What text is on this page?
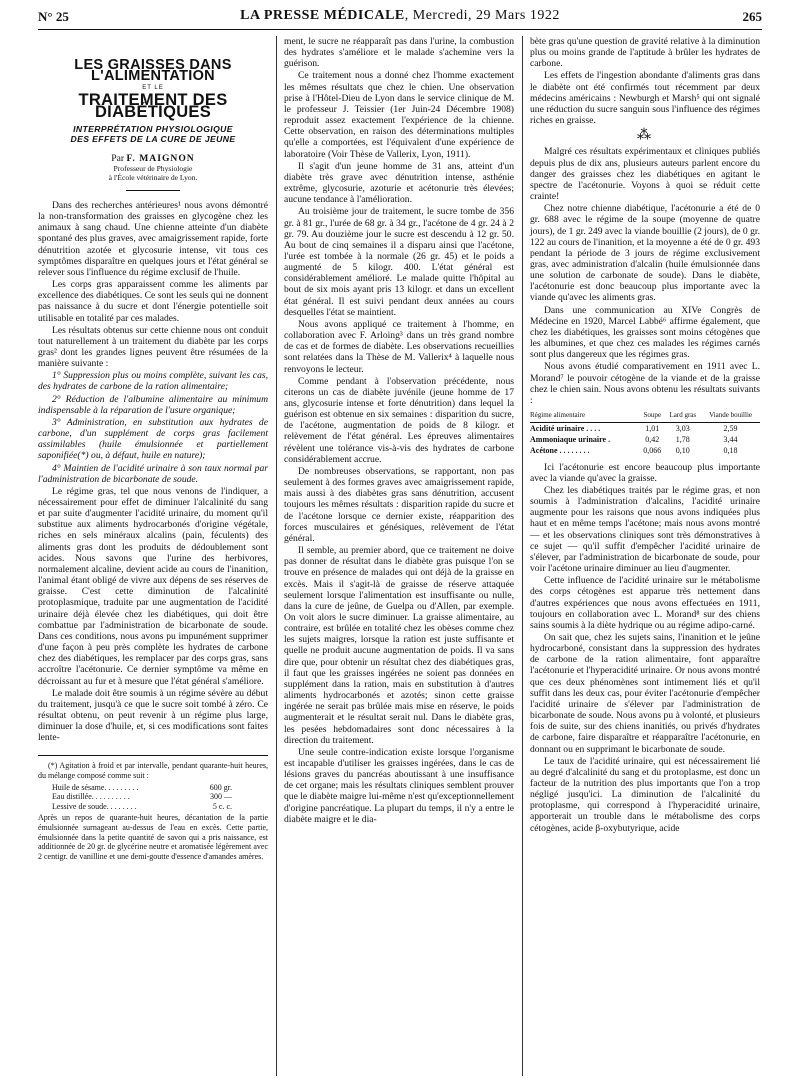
N° 25	LA PRESSE MÉDICALE, Mercredi, 29 Mars 1922	265
LES GRAISSES DANS L'ALIMENTATION
ET LE
TRAITEMENT DES DIABÉTIQUES
INTERPRÉTATION PHYSIOLOGIQUE
DES EFFETS DE LA CURE DE JEUNE
Par F. MAIGNON
Professeur de Physiologie
à l'École vétérinaire de Lyon.

Dans des recherches antérieures¹ nous avons démontré la non-transformation des graisses en glycogène chez les animaux à sang chaud. Une chienne atteinte d'un diabète spontané des plus graves, avec amaigrissement rapide, forte dénutrition azotée et glycosurie intense, vit tous ces symptômes disparaître en quelques jours et l'état général se relever sous l'influence du régime exclusif de l'huile.

Les corps gras apparaissent comme les aliments par excellence des diabétiques. Ce sont les seuls qui ne donnent pas naissance à du sucre et dont l'énergie potentielle soit utilisable en totalité par ces malades.

Les résultats obtenus sur cette chienne nous ont conduit tout naturellement à un traitement du diabète par les corps gras² dont les grandes lignes peuvent être résumées de la manière suivante :

1° Suppression plus ou moins complète, suivant les cas, des hydrates de carbone de la ration alimentaire;

2° Réduction de l'albumine alimentaire au minimum indispensable à la réparation de l'usure organique;

3° Administration, en substitution aux hydrates de carbone, d'un supplément de corps gras facilement assimilables (huile émulsionnée et partiellement saponifiée(*) ou, à défaut, huile en nature);

4° Maintien de l'acidité urinaire à son taux normal par l'administration de bicarbonate de soude.

Le régime gras, tel que nous venons de l'indiquer, a nécessairement pour effet de diminuer l'alcalinité du sang et par suite d'augmenter l'acidité urinaire, du moment qu'il substitue aux aliments hydrocarbonés d'origine végétale, riches en sels minéraux alcalins (pain, féculents) des aliments gras dont les produits de dédoublement sont acides. Nous savons que l'urine des herbivores, normalement alcaline, devient acide au cours de l'inanition, l'animal étant obligé de vivre aux dépens de ses réserves de graisse. C'est cette diminution de l'alcalinité protoplasmique, traduite par une augmentation de l'acidité urinaire déjà élevée chez les diabétiques, qui doit être combattue par l'administration de bicarbonate de soude. Dans ces conditions, nous avons pu impunément supprimer d'une façon à peu près complète les hydrates de carbone chez des diabétiques, les remplacer par des corps gras, sans accroître l'acétonurie. Ce dernier symptôme va même en décroissant au fur et à mesure que l'état général s'améliore.

Le malade doit être soumis à un régime sévère au début du traitement, jusqu'à ce que le sucre soit tombé à zéro. Ce résultat obtenu, on peut revenir à un régime plus large, diminuer la dose d'huile, et, si ces modifications sont faites lente-

(*) Agitation à froid et par intervalle, pendant quarante-huit heures, du mélange composé comme suit :

Huile de sésame. . . . . . . . .	600 gr.
Eau distillée. . . . . . . . . .	300 —
Lessive de soude. . . . . . . .	5 c. c.

Après un repos de quarante-huit heures, décantation de la partie émulsionnée surnageant au-dessus de l'eau en excès. Cette partie, émulsionnée dans la petite quantité de savon qui a pris naissance, est additionnée de 20 gr. de glycérine neutre et aromatisée légèrement avec 2 centigr. de vanilline et une demi-goutte d'essence d'amandes amères.

ment, le sucre ne réapparaît pas dans l'urine, la combustion des hydrates s'améliore et le malade s'achemine vers la guérison.

Ce traitement nous a donné chez l'homme exactement les mêmes résultats que chez le chien. Une observation prise à l'Hôtel-Dieu de Lyon dans le service clinique de M. le professeur J. Teissier (1er Juin-24 Décembre 1908) reproduit assez exactement l'expérience de la chienne. Cette observation, en raison des déterminations multiples qu'elle a comportées, est l'équivalent d'une expérience de laboratoire (Voir Thèse de Vallerix, Lyon, 1911).

Il s'agit d'un jeune homme de 31 ans, atteint d'un diabète très grave avec dénutrition intense, asthénie extrême, glycosurie, azoturie et acétonurie très élevées; aucune tendance à l'amélioration.

Au troisième jour de traitement, le sucre tombe de 356 gr. à 81 gr., l'urée de 68 gr. à 34 gr., l'acétone de 4 gr. 24 à 2 gr. 79. Au douzième jour le sucre est descendu à 12 gr. 50. Au bout de cinq semaines il a disparu ainsi que l'acétone, l'urée est tombée à la normale (26 gr. 45) et le poids a augmenté de 5 kilogr. 400. L'état général est considérablement amélioré. Le malade quitte l'hôpital au bout de six mois ayant pris 13 kilogr. et dans un excellent état général. Il est suivi pendant deux années au cours desquelles l'état se maintient.

Nous avons appliqué ce traitement à l'homme, en collaboration avec F. Arloing³ dans un très grand nombre de cas et de formes de diabète. Les observations recueillies sont relatées dans la Thèse de M. Vallerix⁴ à laquelle nous renvoyons le lecteur.

Comme pendant à l'observation précédente, nous citerons un cas de diabète juvénile (jeune homme de 17 ans, glycosurie intense et forte dénutrition) dans lequel la guérison est obtenue en six semaines : disparition du sucre, de l'acétone, augmentation de poids de 8 kilogr. et relèvement de l'état général. Les épreuves alimentaires révèlent une tolérance vis-à-vis des hydrates de carbone considérablement accrue.

De nombreuses observations, se rapportant, non pas seulement à des formes graves avec amaigrissement rapide, mais aussi à des diabètes gras sans dénutrition, accusent toujours les mêmes résultats : disparition rapide du sucre et de l'acétone lorsque ce dernier existe, réapparition des forces musculaires et génésiques, relèvement de l'état général.

Il semble, au premier abord, que ce traitement ne doive pas donner de résultat dans le diabète gras puisque l'on se trouve en présence de malades qui ont déjà de la graisse en excès. Mais il s'agit-là de graisse de réserve attaquée seulement lorsque l'alimentation est insuffisante ou nulle, dans la cure de jeûne, de Guelpa ou d'Allen, par exemple. On voit alors le sucre diminuer. La graisse alimentaire, au contraire, est brûlée en totalité chez les obèses comme chez les sujets maigres, lorsque la ration est juste suffisante et quelle ne produit aucune augmentation de poids. Il va sans dire que, pour obtenir un résultat chez des diabétiques gras, il faut que les graisses ingérées ne soient pas données en supplément dans la ration, mais en substitution à d'autres aliments hydrocarbonés et azotés; sinon cette graisse ingérée ne serait pas brûlée mais mise en réserve, le poids augmenterait et le résultat serait nul. Dans le diabète gras, les pesées hebdomadaires sont donc nécessaires à la direction du traitement.

Une seule contre-indication existe lorsque l'organisme est incapable d'utiliser les graisses ingérées, dans le cas de lésions graves du pancréas aboutissant à une insuffisance de cet organe; mais les résultats cliniques semblent prouver que le diabète maigre lui-même n'est qu'exceptionnellement d'origine pancréatique. La plupart du temps, il n'y a entre le diabète maigre et le dia-

bète gras qu'une question de gravité relative à la diminution plus ou moins grande de l'aptitude à brûler les hydrates de carbone.

Les effets de l'ingestion abondante d'aliments gras dans le diabète ont été confirmés tout récemment par deux médecins américains : Newburgh et Marsh⁵ qui ont signalé une réduction du sucre sanguin sous l'influence des régimes riches en graisse.

⁂

Malgré ces résultats expérimentaux et cliniques publiés depuis plus de dix ans, plusieurs auteurs parlent encore du danger des graisses chez les diabétiques en agitant le spectre de l'acétonurie. Voyons à quoi se réduit cette crainte!

Chez notre chienne diabétique, l'acétonurie a été de 0 gr. 688 avec le régime de la soupe (moyenne de quatre jours), de 1 gr. 249 avec la viande bouillie (2 jours), de 0 gr. 122 au cours de l'inanition, et la moyenne a été de 0 gr. 493 pendant la période de 3 jours de régime exclusivement gras, avec administration d'alcalin (huile émulsionnée dans une solution de carbonate de soude). Dans le diabète, l'acétonurie est donc beaucoup plus importante avec la viande qu'avec les aliments gras.

Dans une communication au XIVe Congrès de Médecine en 1920, Marcel Labbé⁶ affirme également, que chez les diabétiques, les graisses sont moins cétogènes que les albumines, et que chez ces malades les régimes carnés sont plus dangereux que les régimes gras.

Nous avons étudié comparativement en 1911 avec L. Morand⁷ le pouvoir cétogène de la viande et de la graisse chez le chien sain. Nous avons obtenu les résultats suivants :

Régime alimentaire	Soupe	Lard gras	Viande bouillie
Acidité urinaire . . . .	1,01	3,03	2,59
Ammoniaque urinaire .	0,42	1,78	3,44
Acétone . . . . . . . .	0,066	0,10	0,18

Ici l'acétonurie est encore beaucoup plus importante avec la viande qu'avec la graisse.

Chez les diabétiques traités par le régime gras, et non soumis à l'administration d'alcalins, l'acidité urinaire augmente pour les raisons que nous avons indiquées plus haut et en même temps l'acétone; mais nous avons montré — et les observations cliniques sont très démonstratives à ce sujet — qu'il suffit d'empêcher l'acidité urinaire de s'élever, par l'administration de bicarbonate de soude, pour voir l'acétone urinaire diminuer au lieu d'augmenter.

Cette influence de l'acidité urinaire sur le métabolisme des corps cétogènes est apparue très nettement dans d'autres expériences que nous avons effectuées en 1911, toujours en collaboration avec L. Morand⁸ sur des chiens sains soumis à la diète hydrique ou au régime adipo-carné.

On sait que, chez les sujets sains, l'inanition et le jeûne hydrocarboné, consistant dans la suppression des hydrates de carbone de la ration alimentaire, font apparaître l'acétonurie et l'hyperacidité urinaire. Or nous avons montré que ces deux phénomènes sont intimement liés et qu'il suffit dans les deux cas, pour éviter l'acétonurie d'empêcher l'acidité urinaire de s'élever par l'administration de bicarbonate de soude. Nous avons pu à volonté, et plusieurs fois de suite, sur des chiens inanitiés, ou privés d'hydrates de carbone, faire disparaître et réapparaître l'acétonurie, en donnant ou en supprimant le bicarbonate de soude.

Le taux de l'acidité urinaire, qui est nécessairement lié au degré d'alcalinité du sang et du protoplasme, est donc un facteur de la nutrition des plus importants que l'on a trop négligé jusqu'ici. La diminution de l'alcalinité du protoplasme, qui correspond à l'hyperacidité urinaire, apporterait un trouble dans le métabolisme des corps cétogènes, acide β-oxybutyrique, acide
